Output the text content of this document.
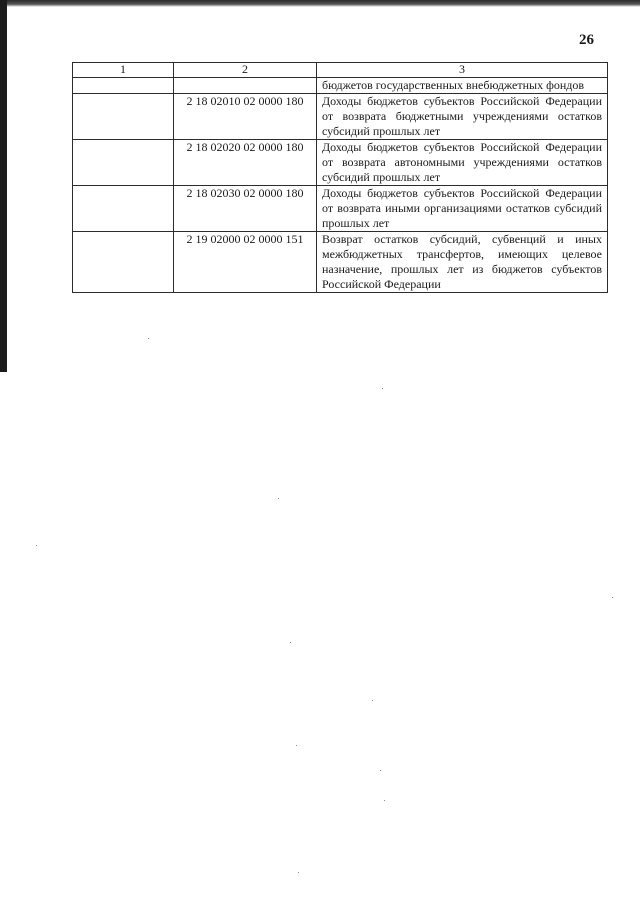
26
1	2	3
		бюджетов государственных внебюджетных фондов
	2 18 02010 02 0000 180	Доходы бюджетов субъектов Российской Федерации от возврата бюджетными учреждениями остатков субсидий прошлых лет
	2 18 02020 02 0000 180	Доходы бюджетов субъектов Российской Федерации от возврата автономными учреждениями остатков субсидий прошлых лет
	2 18 02030 02 0000 180	Доходы бюджетов субъектов Российской Федерации от возврата иными организациями остатков субсидий прошлых лет
	2 19 02000 02 0000 151	Возврат остатков субсидий, субвенций и иных межбюджетных трансфертов, имеющих целевое назначение, прошлых лет из бюджетов субъектов Российской Федерации
